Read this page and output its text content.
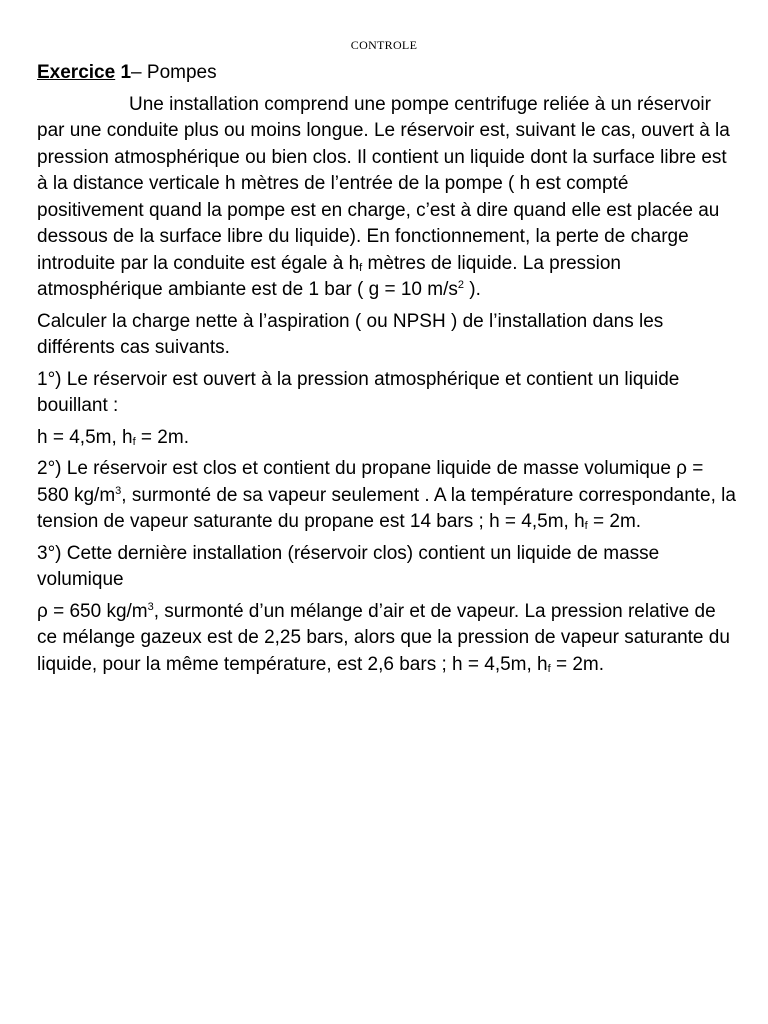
CONTROLE

Exercice 1– Pompes

Une installation comprend une pompe centrifuge reliée à un réservoir par une conduite plus ou moins longue. Le réservoir est, suivant le cas, ouvert à la pression atmosphérique ou bien clos. Il contient un liquide dont la surface libre est à la distance verticale h mètres de l’entrée de la pompe ( h est compté positivement quand la pompe est en charge, c’est à dire quand elle est placée au dessous de la surface libre du liquide). En fonctionnement, la perte de charge introduite par la conduite est égale à $h_f$ mètres de liquide. La pression atmosphérique ambiante est de 1 bar ( g = 10 $m/s^2$ ).

Calculer la charge nette à l’aspiration ( ou NPSH ) de l’installation dans les différents cas suivants.

1°) Le réservoir est ouvert à la pression atmosphérique et contient un liquide bouillant :

h = 4,5m, $h_f = 2m$.

2°) Le réservoir est clos et contient du propane liquide de masse volumique ρ = 580 $kg/m^3$, surmonté de sa vapeur seulement . A la température correspondante, la tension de vapeur saturante du propane est 14 bars ; h = 4,5m, $h_f = 2m$.

3°) Cette dernière installation (réservoir clos) contient un liquide de masse volumique

ρ = 650 $kg/m^3$, surmonté d’un mélange d’air et de vapeur. La pression relative de ce mélange gazeux est de 2,25 bars, alors que la pression de vapeur saturante du liquide, pour la même température, est 2,6 bars ; h = 4,5m, $h_f = 2m$.
